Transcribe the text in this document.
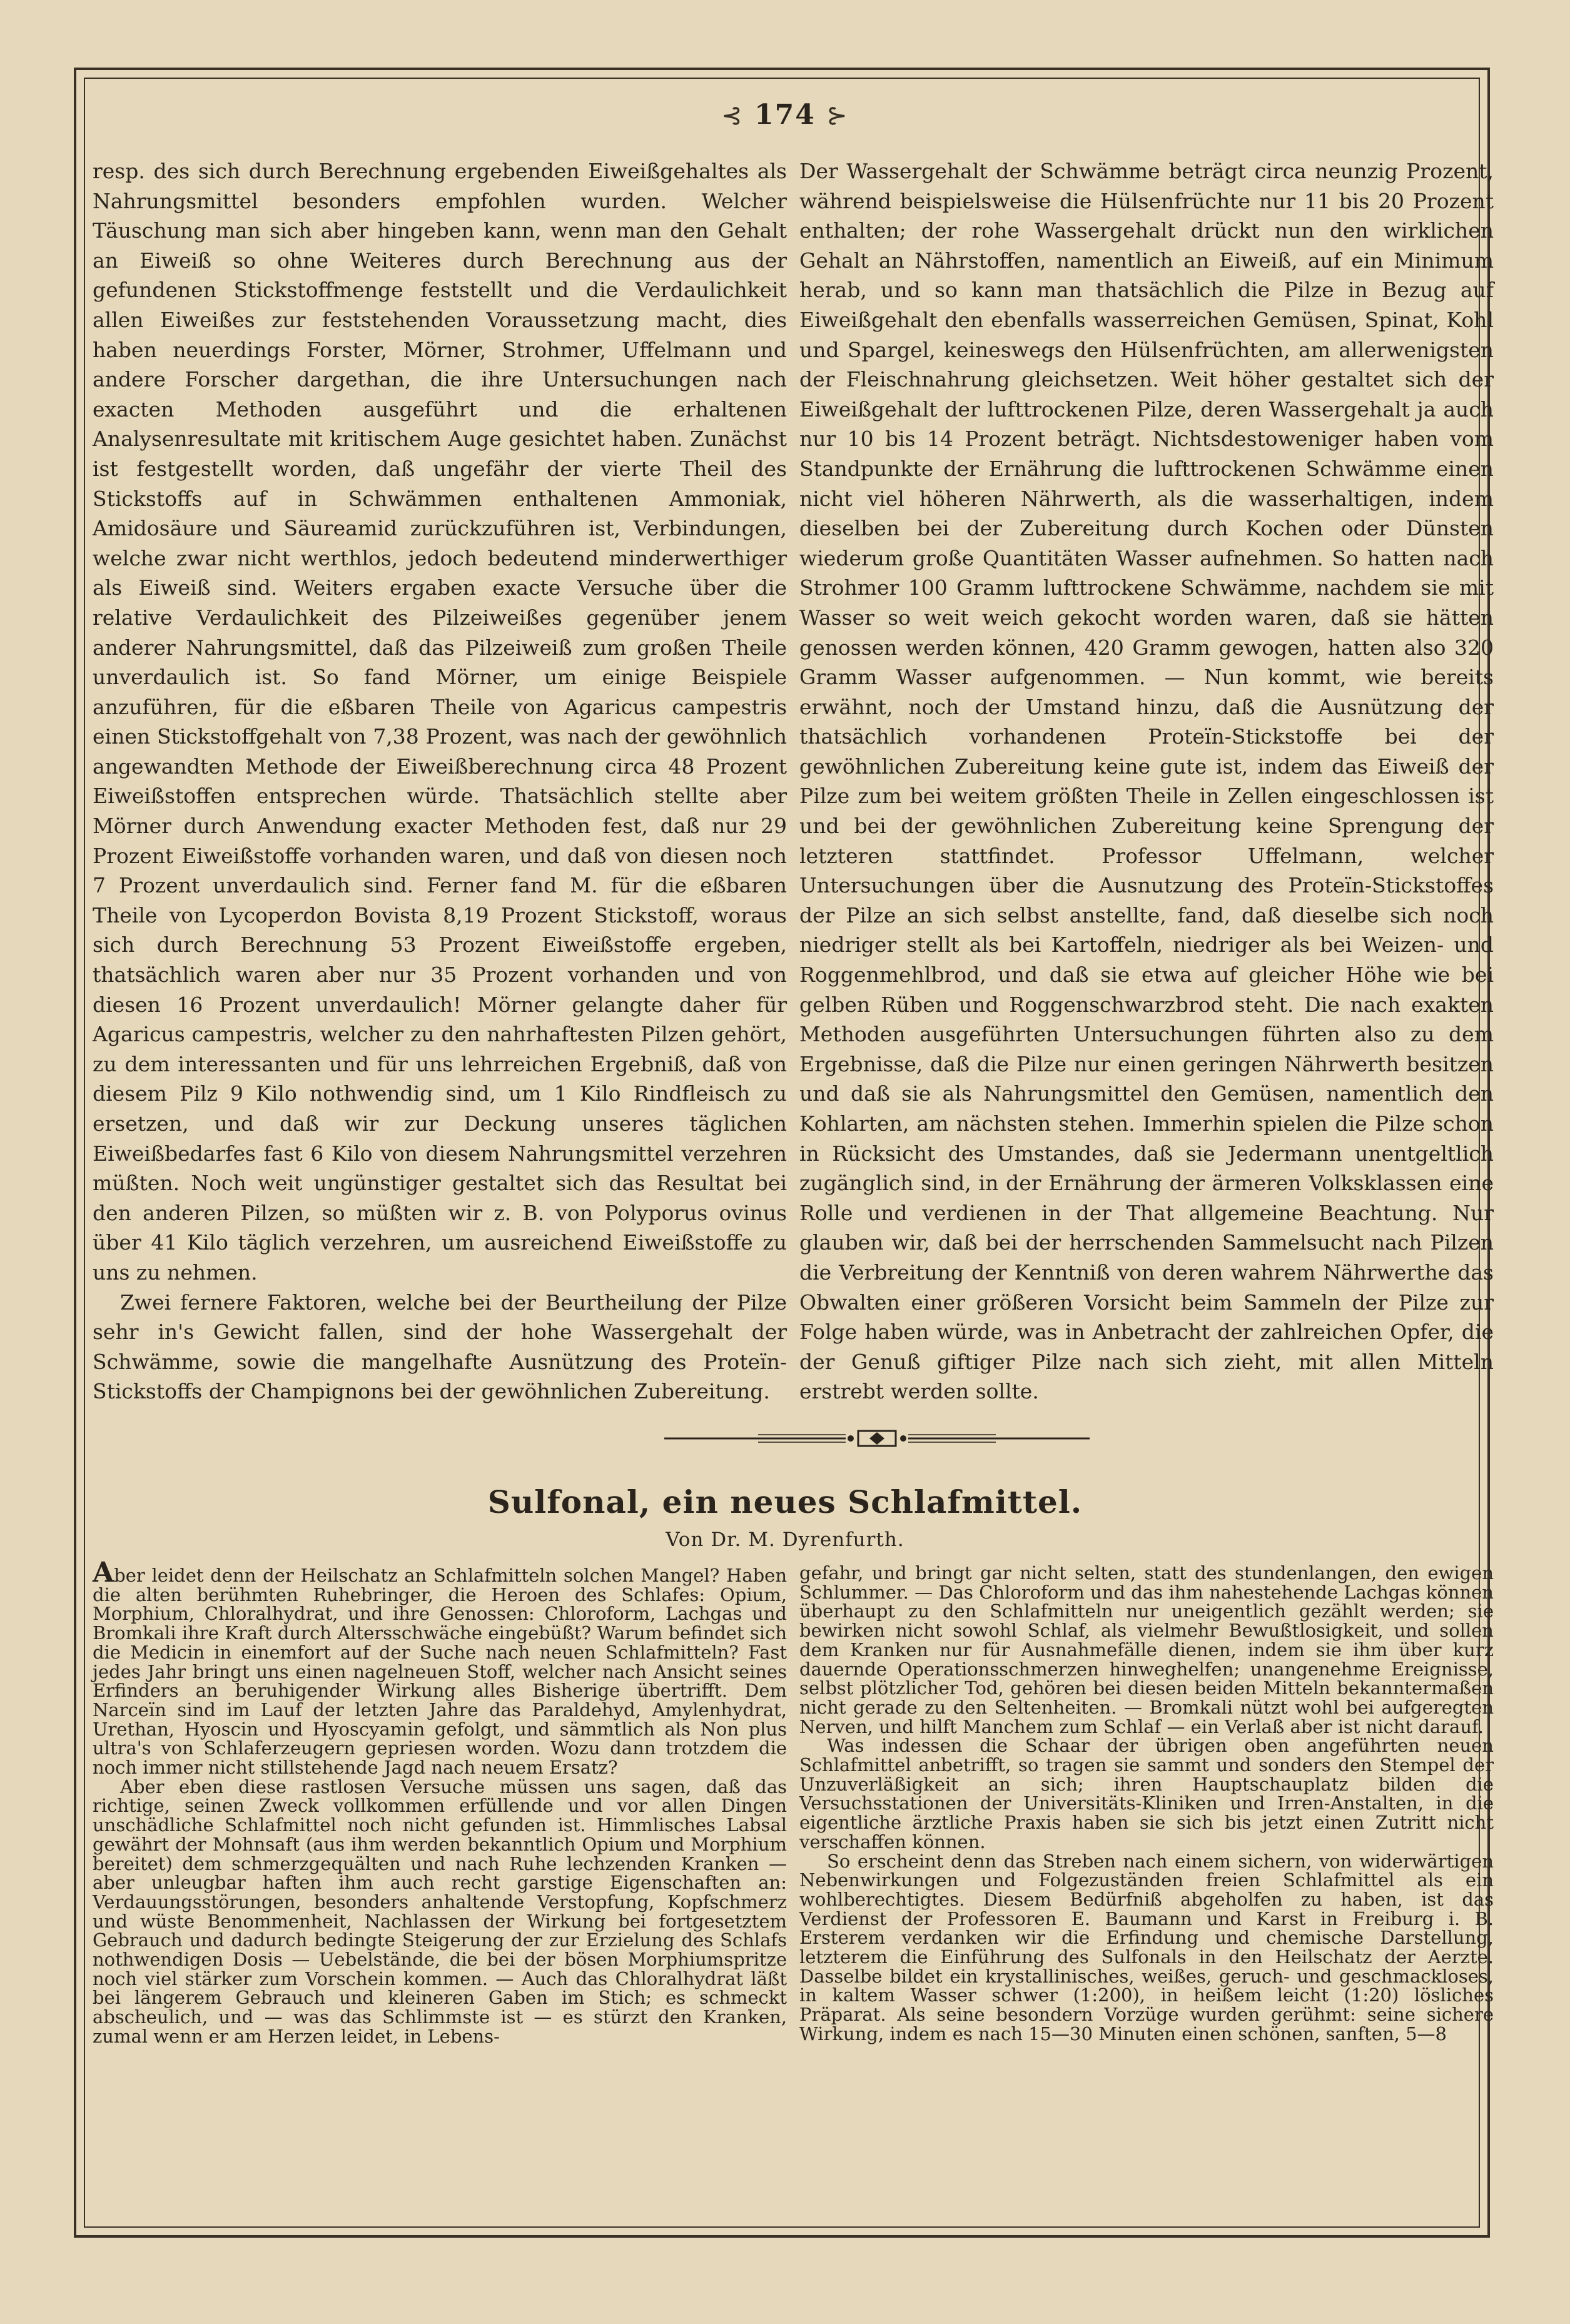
⊰ 174 ⊱

resp. des sich durch Berechnung ergebenden Eiweißgehaltes als Nahrungsmittel besonders empfohlen wurden. Welcher Täuschung man sich aber hingeben kann, wenn man den Gehalt an Eiweiß so ohne Weiteres durch Berechnung aus der gefundenen Stickstoffmenge feststellt und die Verdaulichkeit allen Eiweißes zur feststehenden Voraussetzung macht, dies haben neuerdings Forster, Mörner, Strohmer, Uffelmann und andere Forscher dargethan, die ihre Untersuchungen nach exacten Methoden ausgeführt und die erhaltenen Analysenresultate mit kritischem Auge gesichtet haben. Zunächst ist festgestellt worden, daß ungefähr der vierte Theil des Stickstoffs auf in Schwämmen enthaltenen Ammoniak, Amidosäure und Säureamid zurückzuführen ist, Verbindungen, welche zwar nicht werthlos, jedoch bedeutend minderwerthiger als Eiweiß sind. Weiters ergaben exacte Versuche über die relative Verdaulichkeit des Pilzeiweißes gegenüber jenem anderer Nahrungsmittel, daß das Pilzeiweiß zum großen Theile unverdaulich ist. So fand Mörner, um einige Beispiele anzuführen, für die eßbaren Theile von Agaricus campestris einen Stickstoffgehalt von 7,38 Prozent, was nach der gewöhnlich angewandten Methode der Eiweißberechnung circa 48 Prozent Eiweißstoffen entsprechen würde. Thatsächlich stellte aber Mörner durch Anwendung exacter Methoden fest, daß nur 29 Prozent Eiweißstoffe vorhanden waren, und daß von diesen noch 7 Prozent unverdaulich sind. Ferner fand M. für die eßbaren Theile von Lycoperdon Bovista 8,19 Prozent Stickstoff, woraus sich durch Berechnung 53 Prozent Eiweißstoffe ergeben, thatsächlich waren aber nur 35 Prozent vorhanden und von diesen 16 Prozent unverdaulich! Mörner gelangte daher für Agaricus campestris, welcher zu den nahrhaftesten Pilzen gehört, zu dem interessanten und für uns lehrreichen Ergebniß, daß von diesem Pilz 9 Kilo nothwendig sind, um 1 Kilo Rindfleisch zu ersetzen, und daß wir zur Deckung unseres täglichen Eiweißbedarfes fast 6 Kilo von diesem Nahrungsmittel verzehren müßten. Noch weit ungünstiger gestaltet sich das Resultat bei den anderen Pilzen, so müßten wir z. B. von Polyporus ovinus über 41 Kilo täglich verzehren, um ausreichend Eiweißstoffe zu uns zu nehmen.

Zwei fernere Faktoren, welche bei der Beurtheilung der Pilze sehr in's Gewicht fallen, sind der hohe Wassergehalt der Schwämme, sowie die mangelhafte Ausnützung des Proteïn-Stickstoffs der Champignons bei der gewöhnlichen Zubereitung.

Der Wassergehalt der Schwämme beträgt circa neunzig Prozent, während beispielsweise die Hülsenfrüchte nur 11 bis 20 Prozent enthalten; der rohe Wassergehalt drückt nun den wirklichen Gehalt an Nährstoffen, namentlich an Eiweiß, auf ein Minimum herab, und so kann man thatsächlich die Pilze in Bezug auf Eiweißgehalt den ebenfalls wasserreichen Gemüsen, Spinat, Kohl und Spargel, keineswegs den Hülsenfrüchten, am allerwenigsten der Fleischnahrung gleichsetzen. Weit höher gestaltet sich der Eiweißgehalt der lufttrockenen Pilze, deren Wassergehalt ja auch nur 10 bis 14 Prozent beträgt. Nichtsdestoweniger haben vom Standpunkte der Ernährung die lufttrockenen Schwämme einen nicht viel höheren Nährwerth, als die wasserhaltigen, indem dieselben bei der Zubereitung durch Kochen oder Dünsten wiederum große Quantitäten Wasser aufnehmen. So hatten nach Strohmer 100 Gramm lufttrockene Schwämme, nachdem sie mit Wasser so weit weich gekocht worden waren, daß sie hätten genossen werden können, 420 Gramm gewogen, hatten also 320 Gramm Wasser aufgenommen. — Nun kommt, wie bereits erwähnt, noch der Umstand hinzu, daß die Ausnützung der thatsächlich vorhandenen Proteïn-Stickstoffe bei der gewöhnlichen Zubereitung keine gute ist, indem das Eiweiß der Pilze zum bei weitem größten Theile in Zellen eingeschlossen ist und bei der gewöhnlichen Zubereitung keine Sprengung der letzteren stattfindet. Professor Uffelmann, welcher Untersuchungen über die Ausnutzung des Proteïn-Stickstoffes der Pilze an sich selbst anstellte, fand, daß dieselbe sich noch niedriger stellt als bei Kartoffeln, niedriger als bei Weizen- und Roggenmehlbrod, und daß sie etwa auf gleicher Höhe wie bei gelben Rüben und Roggenschwarzbrod steht. Die nach exakten Methoden ausgeführten Untersuchungen führten also zu dem Ergebnisse, daß die Pilze nur einen geringen Nährwerth besitzen und daß sie als Nahrungsmittel den Gemüsen, namentlich den Kohlarten, am nächsten stehen. Immerhin spielen die Pilze schon in Rücksicht des Umstandes, daß sie Jedermann unentgeltlich zugänglich sind, in der Ernährung der ärmeren Volksklassen eine Rolle und verdienen in der That allgemeine Beachtung. Nur glauben wir, daß bei der herrschenden Sammelsucht nach Pilzen die Verbreitung der Kenntniß von deren wahrem Nährwerthe das Obwalten einer größeren Vorsicht beim Sammeln der Pilze zur Folge haben würde, was in Anbetracht der zahlreichen Opfer, die der Genuß giftiger Pilze nach sich zieht, mit allen Mitteln erstrebt werden sollte.

Sulfonal, ein neues Schlafmittel.
Von Dr. M. Dyrenfurth.

Aber leidet denn der Heilschatz an Schlafmitteln solchen Mangel? Haben die alten berühmten Ruhebringer, die Heroen des Schlafes: Opium, Morphium, Chloralhydrat, und ihre Genossen: Chloroform, Lachgas und Bromkali ihre Kraft durch Altersschwäche eingebüßt? Warum befindet sich die Medicin in einemfort auf der Suche nach neuen Schlafmitteln? Fast jedes Jahr bringt uns einen nagelneuen Stoff, welcher nach Ansicht seines Erfinders an beruhigender Wirkung alles Bisherige übertrifft. Dem Narceïn sind im Lauf der letzten Jahre das Paraldehyd, Amylenhydrat, Urethan, Hyoscin und Hyoscyamin gefolgt, und sämmtlich als Non plus ultra's von Schlaferzeugern gepriesen worden. Wozu dann trotzdem die noch immer nicht stillstehende Jagd nach neuem Ersatz?

Aber eben diese rastlosen Versuche müssen uns sagen, daß das richtige, seinen Zweck vollkommen erfüllende und vor allen Dingen unschädliche Schlafmittel noch nicht gefunden ist. Himmlisches Labsal gewährt der Mohnsaft (aus ihm werden bekanntlich Opium und Morphium bereitet) dem schmerzgequälten und nach Ruhe lechzenden Kranken — aber unleugbar haften ihm auch recht garstige Eigenschaften an: Verdauungsstörungen, besonders anhaltende Verstopfung, Kopfschmerz und wüste Benommenheit, Nachlassen der Wirkung bei fortgesetztem Gebrauch und dadurch bedingte Steigerung der zur Erzielung des Schlafs nothwendigen Dosis — Uebelstände, die bei der bösen Morphiumspritze noch viel stärker zum Vorschein kommen. — Auch das Chloralhydrat läßt bei längerem Gebrauch und kleineren Gaben im Stich; es schmeckt abscheulich, und — was das Schlimmste ist — es stürzt den Kranken, zumal wenn er am Herzen leidet, in Lebens-

gefahr, und bringt gar nicht selten, statt des stundenlangen, den ewigen Schlummer. — Das Chloroform und das ihm nahestehende Lachgas können überhaupt zu den Schlafmitteln nur uneigentlich gezählt werden; sie bewirken nicht sowohl Schlaf, als vielmehr Bewußtlosigkeit, und sollen dem Kranken nur für Ausnahmefälle dienen, indem sie ihm über kurz dauernde Operationsschmerzen hinweghelfen; unangenehme Ereignisse, selbst plötzlicher Tod, gehören bei diesen beiden Mitteln bekanntermaßen nicht gerade zu den Seltenheiten. — Bromkali nützt wohl bei aufgeregten Nerven, und hilft Manchem zum Schlaf — ein Verlaß aber ist nicht darauf.

Was indessen die Schaar der übrigen oben angeführten neuen Schlafmittel anbetrifft, so tragen sie sammt und sonders den Stempel der Unzuverläßigkeit an sich; ihren Hauptschauplatz bilden die Versuchsstationen der Universitäts-Kliniken und Irren-Anstalten, in die eigentliche ärztliche Praxis haben sie sich bis jetzt einen Zutritt nicht verschaffen können.

So erscheint denn das Streben nach einem sichern, von widerwärtigen Nebenwirkungen und Folgezuständen freien Schlafmittel als ein wohlberechtigtes. Diesem Bedürfniß abgeholfen zu haben, ist das Verdienst der Professoren E. Baumann und Karst in Freiburg i. B. Ersterem verdanken wir die Erfindung und chemische Darstellung, letzterem die Einführung des Sulfonals in den Heilschatz der Aerzte. Dasselbe bildet ein krystallinisches, weißes, geruch- und geschmackloses, in kaltem Wasser schwer (1:200), in heißem leicht (1:20) lösliches Präparat. Als seine besondern Vorzüge wurden gerühmt: seine sichere Wirkung, indem es nach 15—30 Minuten einen schönen, sanften, 5—8
